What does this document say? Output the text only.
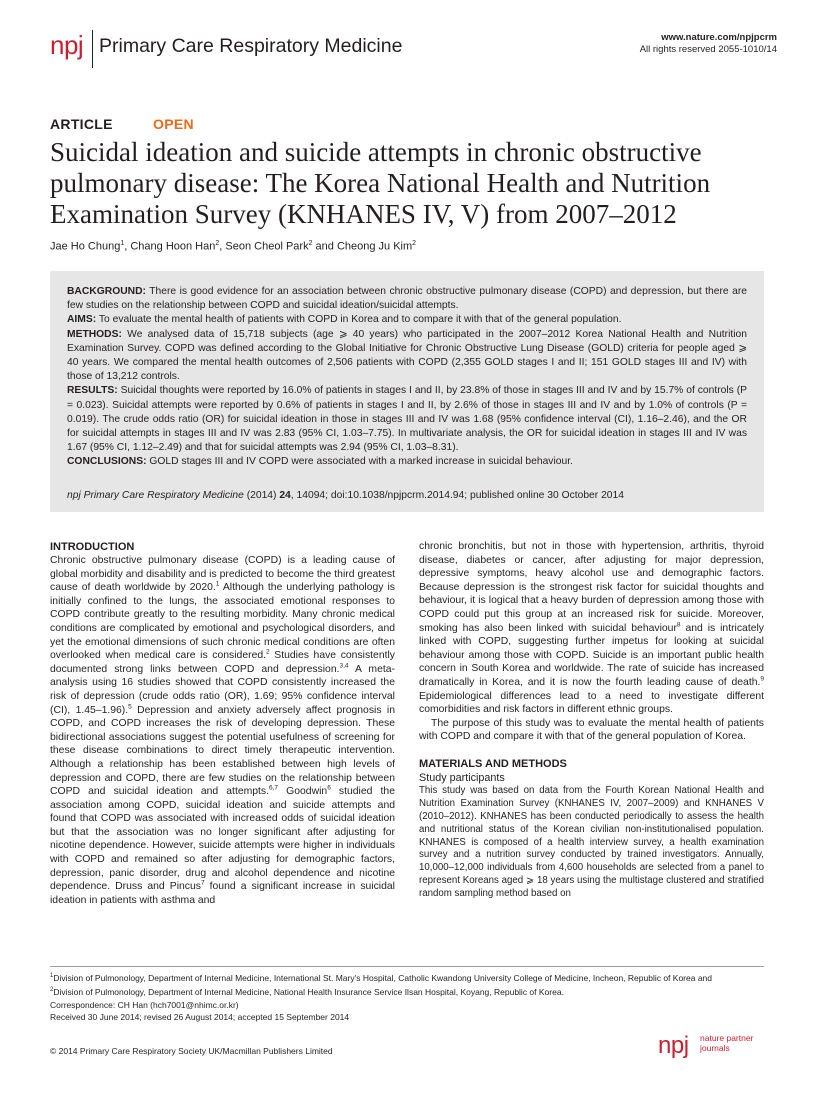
npj Primary Care Respiratory Medicine	www.nature.com/npjpcrm
All rights reserved 2055-1010/14
ARTICLE	OPEN
Suicidal ideation and suicide attempts in chronic obstructive pulmonary disease: The Korea National Health and Nutrition Examination Survey (KNHANES IV, V) from 2007–2012
Jae Ho Chung$^1$, Chang Hoon Han$^2$, Seon Cheol Park$^2$ and Cheong Ju Kim$^2$

BACKGROUND: There is good evidence for an association between chronic obstructive pulmonary disease (COPD) and depression, but there are few studies on the relationship between COPD and suicidal ideation/suicidal attempts.

AIMS: To evaluate the mental health of patients with COPD in Korea and to compare it with that of the general population.

METHODS: We analysed data of 15,718 subjects (age ⩾ 40 years) who participated in the 2007–2012 Korea National Health and Nutrition Examination Survey. COPD was defined according to the Global Initiative for Chronic Obstructive Lung Disease (GOLD) criteria for people aged ⩾ 40 years. We compared the mental health outcomes of 2,506 patients with COPD (2,355 GOLD stages I and II; 151 GOLD stages III and IV) with those of 13,212 controls.

RESULTS: Suicidal thoughts were reported by 16.0% of patients in stages I and II, by 23.8% of those in stages III and IV and by 15.7% of controls (P = 0.023). Suicidal attempts were reported by 0.6% of patients in stages I and II, by 2.6% of those in stages III and IV and by 1.0% of controls (P = 0.019). The crude odds ratio (OR) for suicidal ideation in those in stages III and IV was 1.68 (95% confidence interval (CI), 1.16–2.46), and the OR for suicidal attempts in stages III and IV was 2.83 (95% CI, 1.03–7.75). In multivariate analysis, the OR for suicidal ideation in stages III and IV was 1.67 (95% CI, 1.12–2.49) and that for suicidal attempts was 2.94 (95% CI, 1.03–8.31).

CONCLUSIONS: GOLD stages III and IV COPD were associated with a marked increase in suicidal behaviour.

npj Primary Care Respiratory Medicine (2014) 24, 14094; doi:10.1038/npjpcrm.2014.94; published online 30 October 2014
INTRODUCTION

Chronic obstructive pulmonary disease (COPD) is a leading cause of global morbidity and disability and is predicted to become the third greatest cause of death worldwide by 2020.$^1$ Although the underlying pathology is initially confined to the lungs, the associated emotional responses to COPD contribute greatly to the resulting morbidity. Many chronic medical conditions are complicated by emotional and psychological disorders, and yet the emotional dimensions of such chronic medical conditions are often overlooked when medical care is considered.$^2$ Studies have consistently documented strong links between COPD and depression.$^{3,4}$ A meta-analysis using 16 studies showed that COPD consistently increased the risk of depression (crude odds ratio (OR), 1.69; 95% confidence interval (CI), 1.45–1.96).$^5$ Depression and anxiety adversely affect prognosis in COPD, and COPD increases the risk of developing depression. These bidirectional associations suggest the potential usefulness of screening for these disease combinations to direct timely therapeutic intervention. Although a relationship has been established between high levels of depression and COPD, there are few studies on the relationship between COPD and suicidal ideation and attempts.$^{6,7}$ Goodwin$^6$ studied the association among COPD, suicidal ideation and suicide attempts and found that COPD was associated with increased odds of suicidal ideation but that the association was no longer significant after adjusting for nicotine dependence. However, suicide attempts were higher in individuals with COPD and remained so after adjusting for demographic factors, depression, panic disorder, drug and alcohol dependence and nicotine dependence. Druss and Pincus$^7$ found a significant increase in suicidal ideation in patients with asthma and

chronic bronchitis, but not in those with hypertension, arthritis, thyroid disease, diabetes or cancer, after adjusting for major depression, depressive symptoms, heavy alcohol use and demographic factors. Because depression is the strongest risk factor for suicidal thoughts and behaviour, it is logical that a heavy burden of depression among those with COPD could put this group at an increased risk for suicide. Moreover, smoking has also been linked with suicidal behaviour$^8$ and is intricately linked with COPD, suggesting further impetus for looking at suicidal behaviour among those with COPD. Suicide is an important public health concern in South Korea and worldwide. The rate of suicide has increased dramatically in Korea, and it is now the fourth leading cause of death.$^9$ Epidemiological differences lead to a need to investigate different comorbidities and risk factors in different ethnic groups.

The purpose of this study was to evaluate the mental health of patients with COPD and compare it with that of the general population of Korea.

MATERIALS AND METHODS
Study participants

This study was based on data from the Fourth Korean National Health and Nutrition Examination Survey (KNHANES IV, 2007–2009) and KNHANES V (2010–2012). KNHANES has been conducted periodically to assess the health and nutritional status of the Korean civilian non-institutionalised population. KNHANES is composed of a health interview survey, a health examination survey and a nutrition survey conducted by trained investigators. Annually, 10,000–12,000 individuals from 4,600 households are selected from a panel to represent Koreans aged ⩾ 18 years using the multistage clustered and stratified random sampling method based on

$^1$Division of Pulmonology, Department of Internal Medicine, International St. Mary's Hospital, Catholic Kwandong University College of Medicine, Incheon, Republic of Korea and

$^2$Division of Pulmonology, Department of Internal Medicine, National Health Insurance Service Ilsan Hospital, Koyang, Republic of Korea.

Correspondence: CH Han (hch7001@nhimc.or.kr)

Received 30 June 2014; revised 26 August 2014; accepted 15 September 2014

© 2014 Primary Care Respiratory Society UK/Macmillan Publishers Limited	npj nature partner
journals
